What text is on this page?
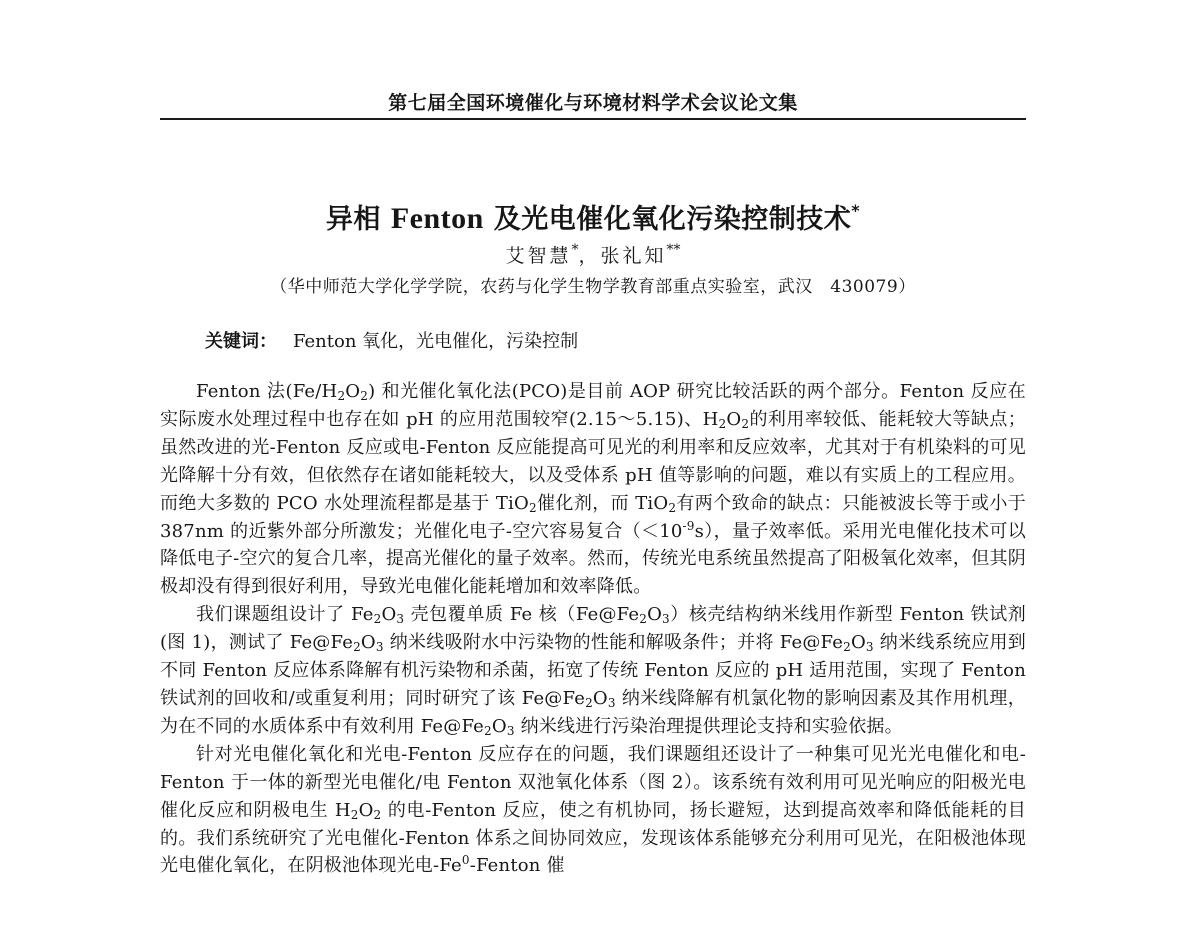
第七届全国环境催化与环境材料学术会议论文集
异相 Fenton 及光电催化氧化污染控制技术*
艾智慧*，张礼知**
（华中师范大学化学学院，农药与化学生物学教育部重点实验室，武汉　430079）
关键词： Fenton 氧化，光电催化，污染控制

Fenton 法$(Fe/H_2O_2)$ 和光催化氧化法(PCO)是目前 AOP 研究比较活跃的两个部分。Fenton 反应在实际废水处理过程中也存在如 pH 的应用范围较窄(2.15～5.15)、$H_2O_2$的利用率较低、能耗较大等缺点；虽然改进的光-Fenton 反应或电-Fenton 反应能提高可见光的利用率和反应效率，尤其对于有机染料的可见光降解十分有效，但依然存在诸如能耗较大，以及受体系 pH 值等影响的问题，难以有实质上的工程应用。而绝大多数的 PCO 水处理流程都是基于 TiO$_2$催化剂，而 TiO$_2$有两个致命的缺点：只能被波长等于或小于 387nm 的近紫外部分所激发；光催化电子-空穴容易复合$(<10^{-9}s)$，量子效率低。采用光电催化技术可以降低电子-空穴的复合几率，提高光催化的量子效率。然而，传统光电系统虽然提高了阳极氧化效率，但其阴极却没有得到很好利用，导致光电催化能耗增加和效率降低。

我们课题组设计了 $Fe_2O_3$ 壳包覆单质 Fe 核$(Fe@Fe_2O_3)$核壳结构纳米线用作新型 Fenton 铁试剂(图 1)，测试了 $Fe@Fe_2O_3$ 纳米线吸附水中污染物的性能和解吸条件；并将 $Fe@Fe_2O_3$ 纳米线系统应用到不同 Fenton 反应体系降解有机污染物和杀菌，拓宽了传统 Fenton 反应的 pH 适用范围，实现了 Fenton 铁试剂的回收和/或重复利用；同时研究了该 $Fe@Fe_2O_3$ 纳米线降解有机氯化物的影响因素及其作用机理，为在不同的水质体系中有效利用 $Fe@Fe_2O_3$ 纳米线进行污染治理提供理论支持和实验依据。

针对光电催化氧化和光电-Fenton 反应存在的问题，我们课题组还设计了一种集可见光光电催化和电-Fenton 于一体的新型光电催化/电 Fenton 双池氧化体系（图 2）。该系统有效利用可见光响应的阳极光电催化反应和阴极电生 $H_2O_2$ 的电-Fenton 反应，使之有机协同，扬长避短，达到提高效率和降低能耗的目的。我们系统研究了光电催化-Fenton 体系之间协同效应，发现该体系能够充分利用可见光，在阳极池体现光电催化氧化，在阴极池体现光电-Fe$^0$-Fenton 催
